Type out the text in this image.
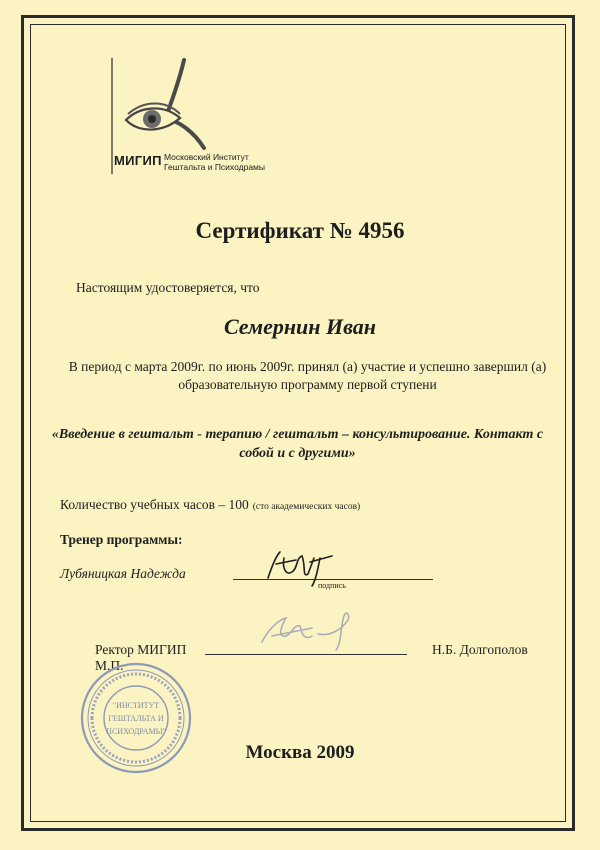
МИГИП Московский Институт
Гештальта и Психодрамы
Сертификат № 4956
Настоящим удостоверяется, что
Семернин Иван
В период с марта 2009г. по июнь 2009г. принял (а) участие и успешно завершил (а) образовательную программу первой ступени
«Введение в гештальт - терапию / гештальт – консультирование. Контакт с собой и с другими»
Количество учебных часов – 100 (сто академических часов)
Тренер программы:
Лубяницкая Надежда
подпись
Ректор МИГИП
М.П.
Н.Б. Долгополов
"ИНСТИТУТ
ГЕШТАЛЬТА И
ПСИХОДРАМЫ"
Москва 2009
